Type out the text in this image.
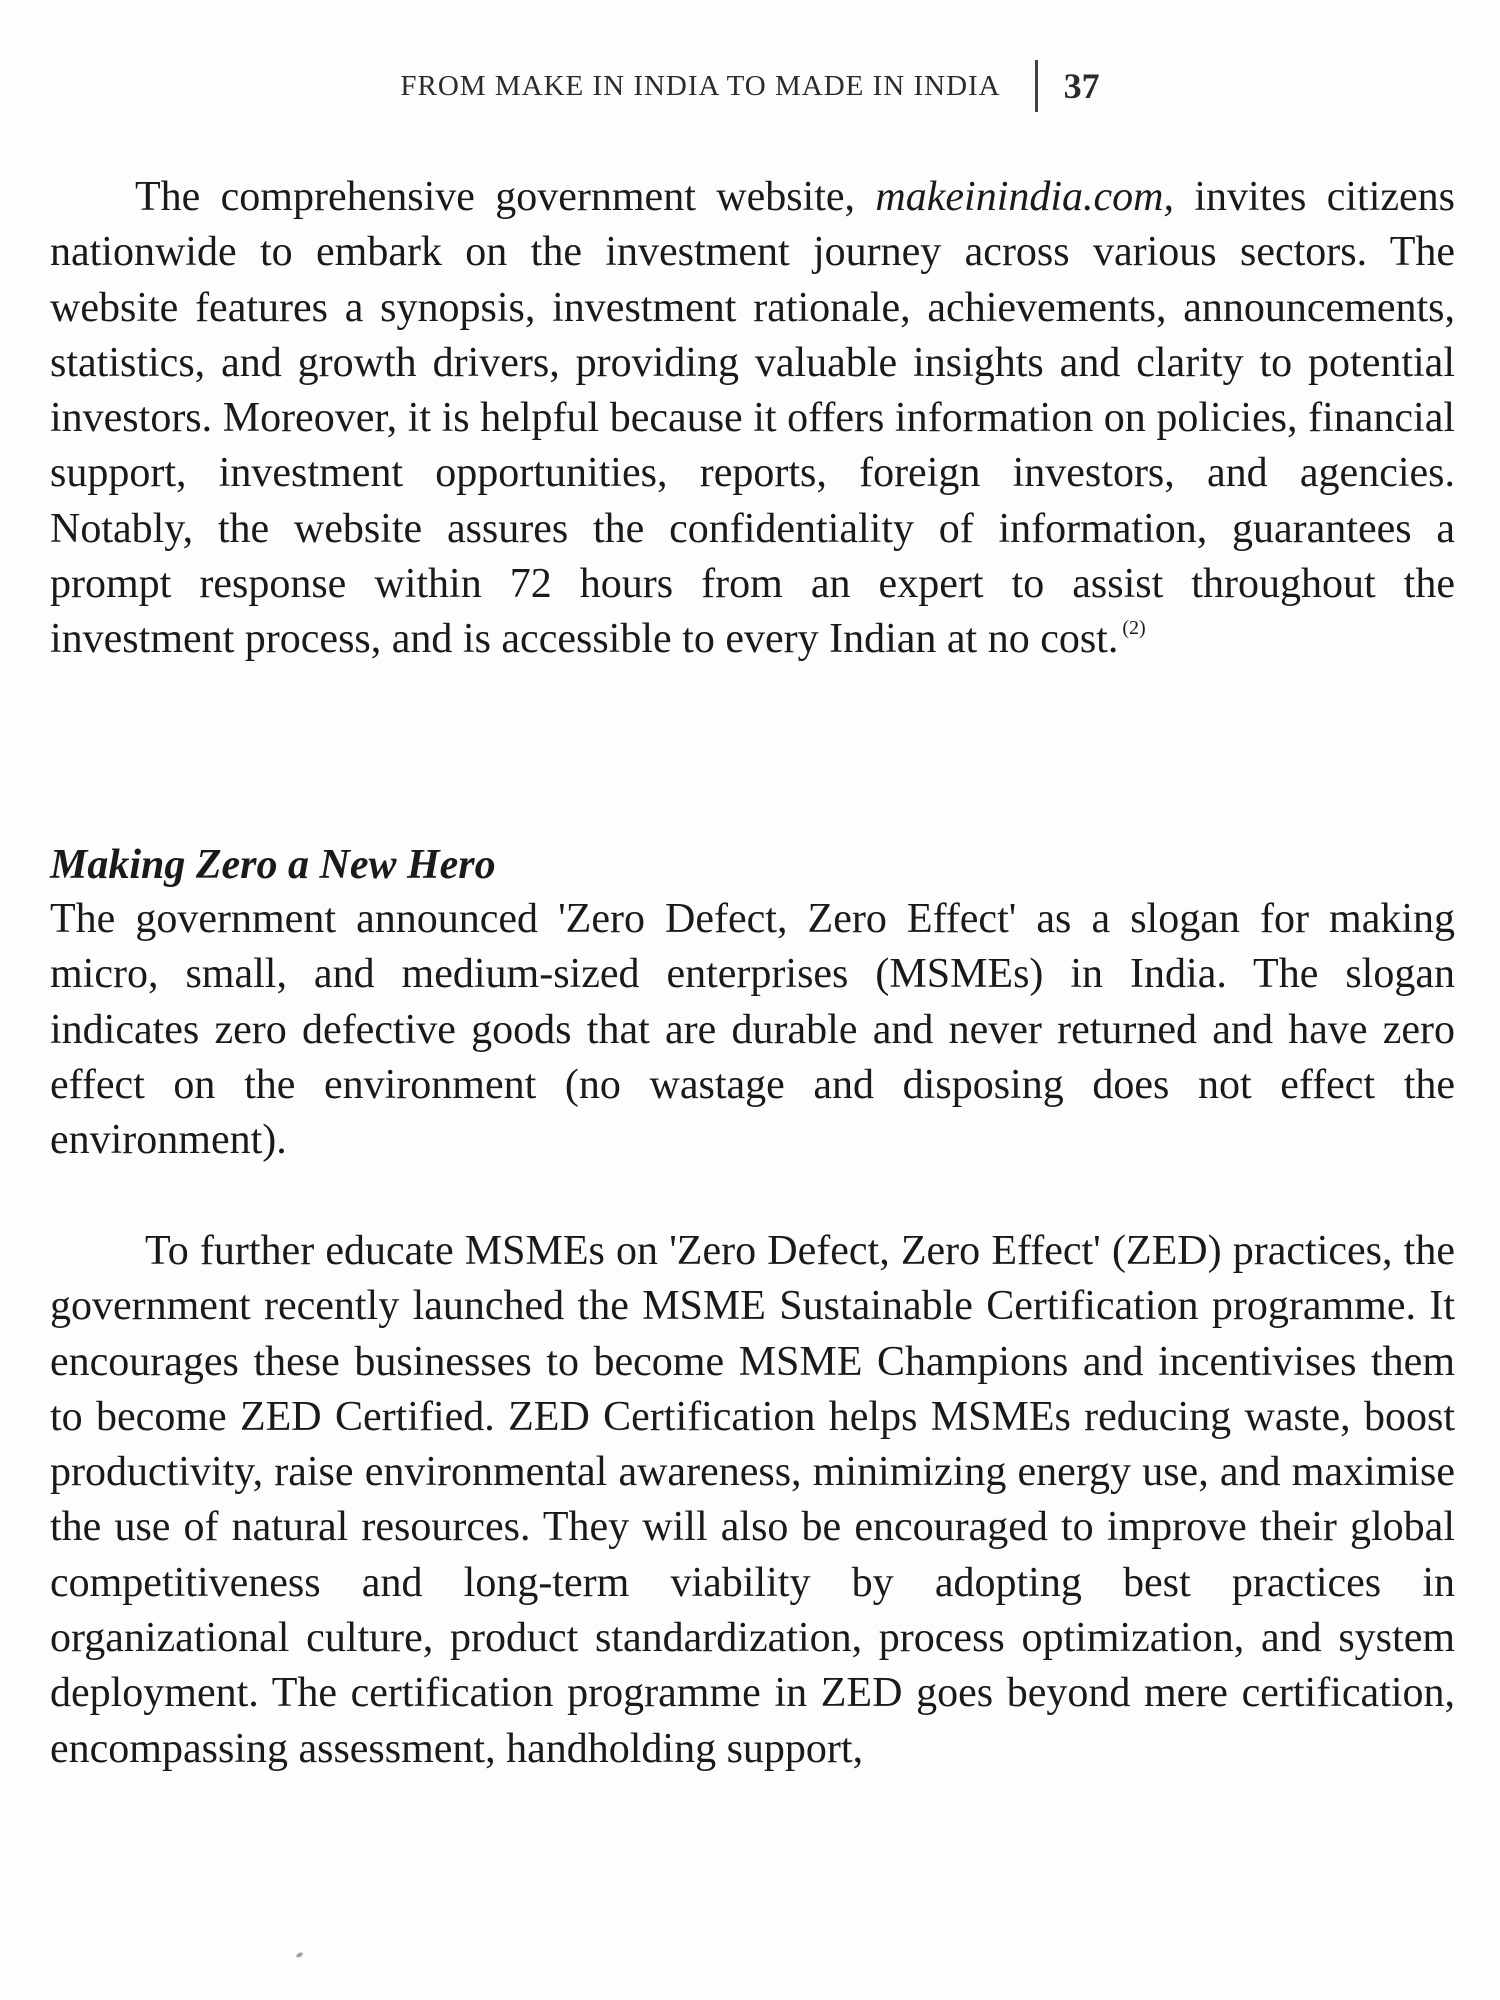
FROM MAKE IN INDIA TO MADE IN INDIA 37

The comprehensive government website, makeinindia.com, invites citizens nationwide to embark on the investment journey across various sectors. The website features a synopsis, investment rationale, achievements, announcements, statistics, and growth drivers, providing valuable insights and clarity to potential investors. Moreover, it is helpful because it offers information on policies, financial support, investment opportunities, reports, foreign investors, and agencies. Notably, the website assures the confidentiality of information, guarantees a prompt response within 72 hours from an expert to assist throughout the investment process, and is accessible to every Indian at no cost. $^{(2)}$

Making Zero a New Hero

The government announced 'Zero Defect, Zero Effect' as a slogan for making micro, small, and medium-sized enterprises (MSMEs) in India. The slogan indicates zero defective goods that are durable and never returned and have zero effect on the environment (no wastage and disposing does not effect the environment).

To further educate MSMEs on 'Zero Defect, Zero Effect' (ZED) practices, the government recently launched the MSME Sustainable Certification programme. It encourages these businesses to become MSME Champions and incentivises them to become ZED Certified. ZED Certification helps MSMEs reducing waste, boost productivity, raise environmental awareness, minimizing energy use, and maximise the use of natural resources. They will also be encouraged to improve their global competitiveness and long-term viability by adopting best practices in organizational culture, product standardization, process optimization, and system deployment. The certification programme in ZED goes beyond mere certification, encompassing assessment, handholding support,
